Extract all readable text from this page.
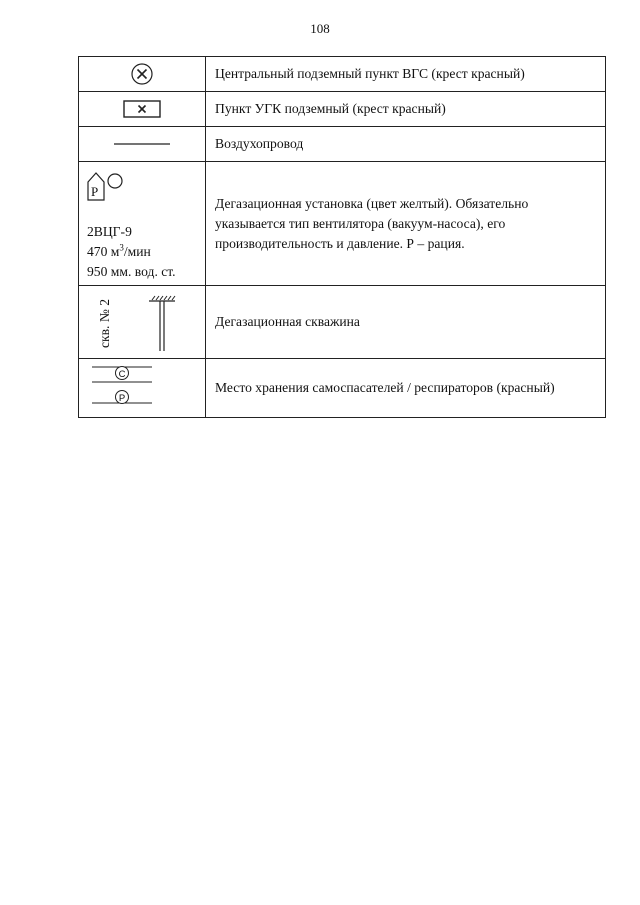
108
	Центральный подземный пункт ВГС (крест красный)

	Пункт УГК подземный (крест красный)

	Воздухопровод

Р
2ВЦГ-9
470 $м^3$/мин
950 мм. вод. ст.	Дегазационная установка (цвет желтый). Обязательно указывается тип вентилятора (вакуум-насоса), его производительность и давление. Р – рация.

скв. № 2	Дегазационная скважина

С
Р	Место хранения самоспасателей / респираторов (красный)
